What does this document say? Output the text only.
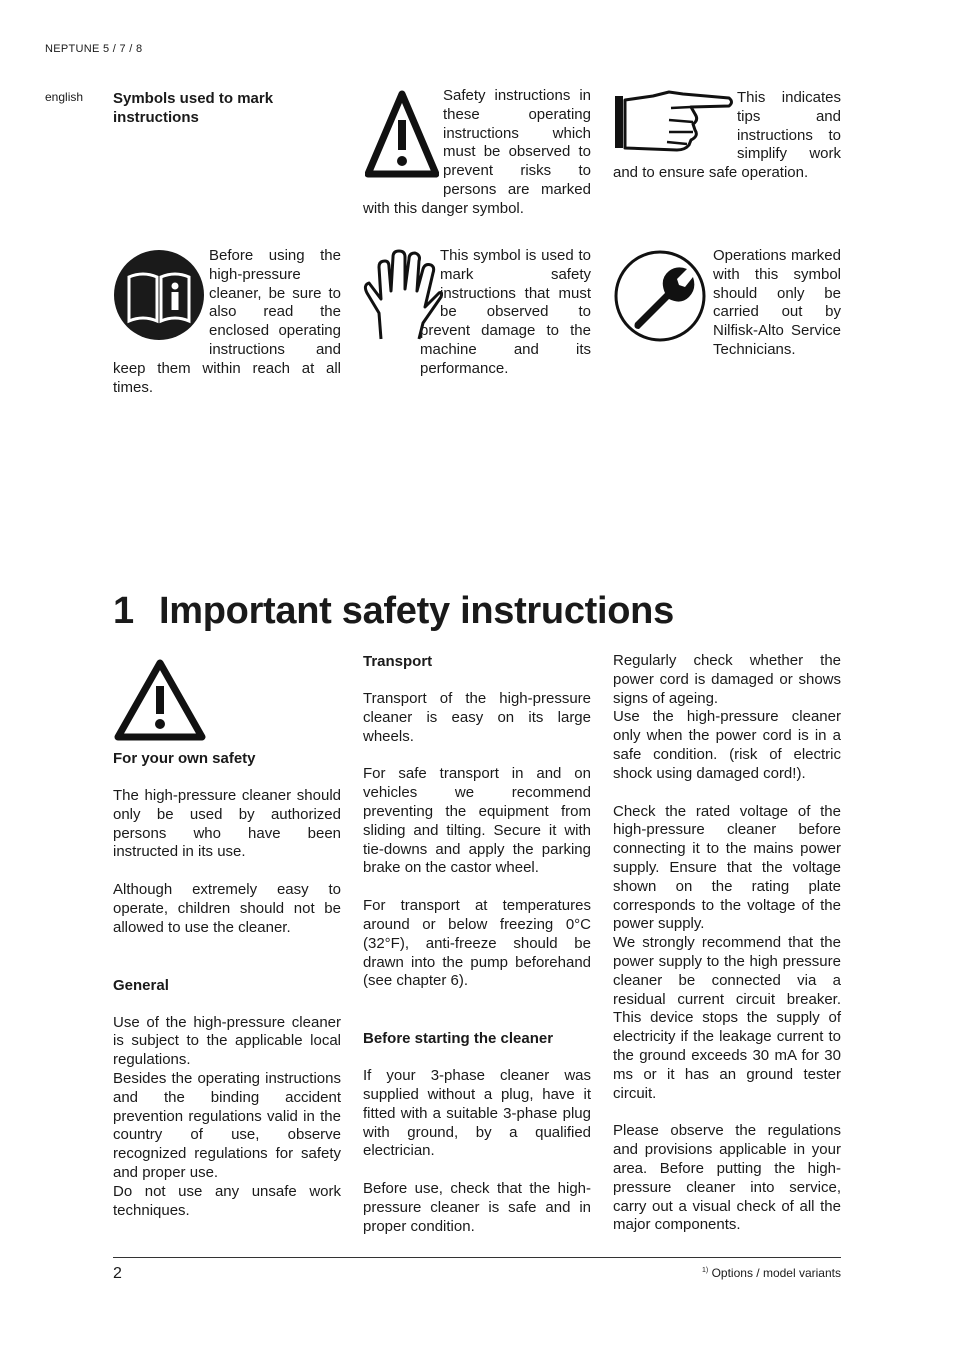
NEPTUNE 5 / 7 / 8
english Symbols used to mark instructions
Safety instructions in these operating instructions which must be observed to prevent risks to persons are marked with this danger symbol.
This indicates tips and instructions to simplify work and to ensure safe operation.
Before using the high-pressure cleaner, be sure to also read the enclosed operating instructions and keep them within reach at all times.
This symbol is used to mark safety instructions that must be observed to prevent damage to the machine and its performance.
Operations marked with this symbol should only be carried out by Nilfisk-Alto Service Technicians.
1 Important safety instructions
For your own safety

The high-pressure cleaner should only be used by authorized persons who have been instructed in its use.

Although extremely easy to operate, children should not be allowed to use the cleaner.

General

Use of the high-pressure cleaner is subject to the applicable local regulations.

Besides the operating instructions and the binding accident prevention regulations valid in the country of use, observe recognized regulations for safety and proper use.

Do not use any unsafe work techniques.

Transport

Transport of the high-pressure cleaner is easy on its large wheels.

For safe transport in and on vehicles we recommend preventing the equipment from sliding and tilting. Secure it with tie-downs and apply the parking brake on the castor wheel.

For transport at temperatures around or below freezing 0°C (32°F), anti-freeze should be drawn into the pump beforehand (see chapter 6).

Before starting the cleaner

If your 3-phase cleaner was supplied without a plug, have it fitted with a suitable 3-phase plug with ground, by a qualified electrician.

Before use, check that the high-pressure cleaner is safe and in proper condition.

Regularly check whether the power cord is damaged or shows signs of ageing.

Use the high-pressure cleaner only when the power cord is in a safe condition. (risk of electric shock using damaged cord!).

Check the rated voltage of the high-pressure cleaner before connecting it to the mains power supply. Ensure that the voltage shown on the rating plate corresponds to the voltage of the power supply.

We strongly recommend that the power supply to the high pressure cleaner be connected via a residual current circuit breaker. This device stops the supply of electricity if the leakage current to the ground exceeds 30 mA for 30 ms or it has an ground tester circuit.

Please observe the regulations and provisions applicable in your area. Before putting the high-pressure cleaner into service, carry out a visual check of all the major components.

2	$^{1)}$ Options / model variants
